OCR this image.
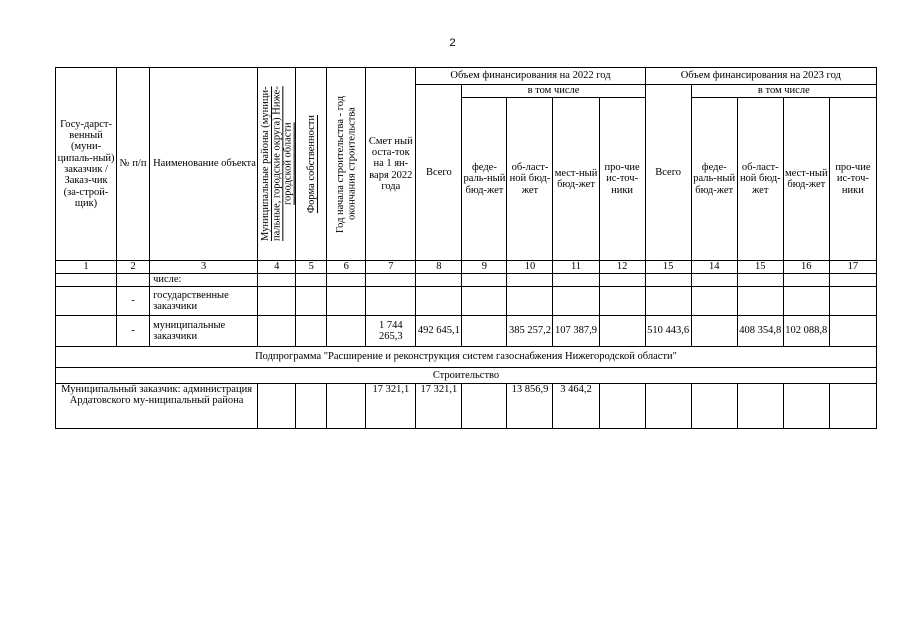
2
Госу-дарст-венный (муни-ципаль-ный) заказчик / Заказ-чик (за-строй-щик)	№ п/п	Наименование объекта	Муниципальные районы (муници-пальные, городские округа) Ниже-городской области	Форма собственности	Год начала строительства - год окончания строительства	Смет ный оста-ток на 1 ян-варя 2022 года	Объем финансирования на 2022 год					Объем финансирования на 2023 год				
							Всего	в том числе				Всего	в том числе			
								феде-раль-ный бюд-жет	об-ласт-ной бюд-жет	мест-ный бюд-жет	про-чие ис-точ-ники		феде-раль-ный бюд-жет	об-ласт-ной бюд-жет	мест-ный бюд-жет	про-чие ис-точ-ники
1	2	3	4	5	6	7	8	9	10	11	12	15	14	15	16	17
		числе:														
	-	государственные заказчики														
	-	муниципальные заказчики				1 744 265,3	492 645,1		385 257,2	107 387,9		510 443,6		408 354,8	102 088,8	
Подпрограмма "Расширение и реконструкция систем газоснабжения Нижегородской области"																
Строительство																
Муниципальный заказчик: администрация Ардатовского му-ниципальный района						17 321,1	17 321,1		13 856,9	3 464,2						
